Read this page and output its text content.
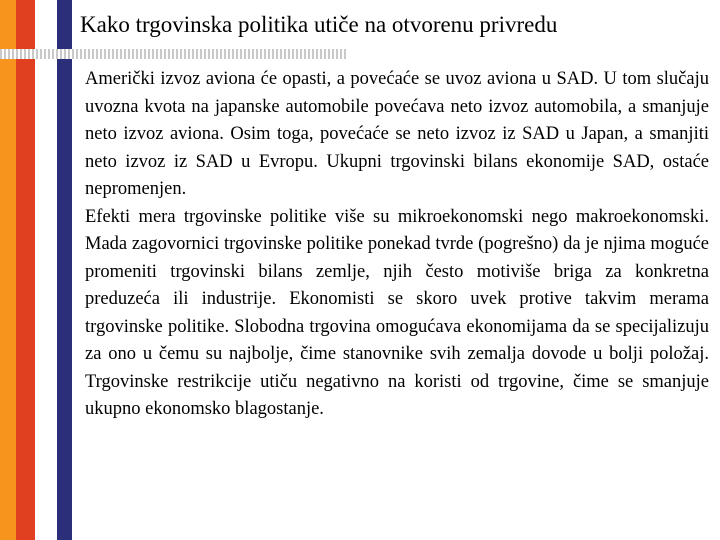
Kako trgovinska politika utiče na otvorenu privredu

Američki izvoz aviona će opasti, a povećaće se uvoz aviona u SAD. U tom slučaju uvozna kvota na japanske automobile povećava neto izvoz automobila, a smanjuje neto izvoz aviona. Osim toga, povećaće se neto izvoz iz SAD u Japan, a smanjiti neto izvoz iz SAD u Evropu. Ukupni trgovinski bilans ekonomije SAD, ostaće nepromenjen.

Efekti mera trgovinske politike više su mikroekonomski nego makroekonomski. Mada zagovornici trgovinske politike ponekad tvrde (pogrešno) da je njima moguće promeniti trgovinski bilans zemlje, njih često motiviše briga za konkretna preduzeća ili industrije. Ekonomisti se skoro uvek protive takvim merama trgovinske politike. Slobodna trgovina omogućava ekonomijama da se specijalizuju za ono u čemu su najbolje, čime stanovnike svih zemalja dovode u bolji položaj. Trgovinske restrikcije utiču negativno na koristi od trgovine, čime se smanjuje ukupno ekonomsko blagostanje.
